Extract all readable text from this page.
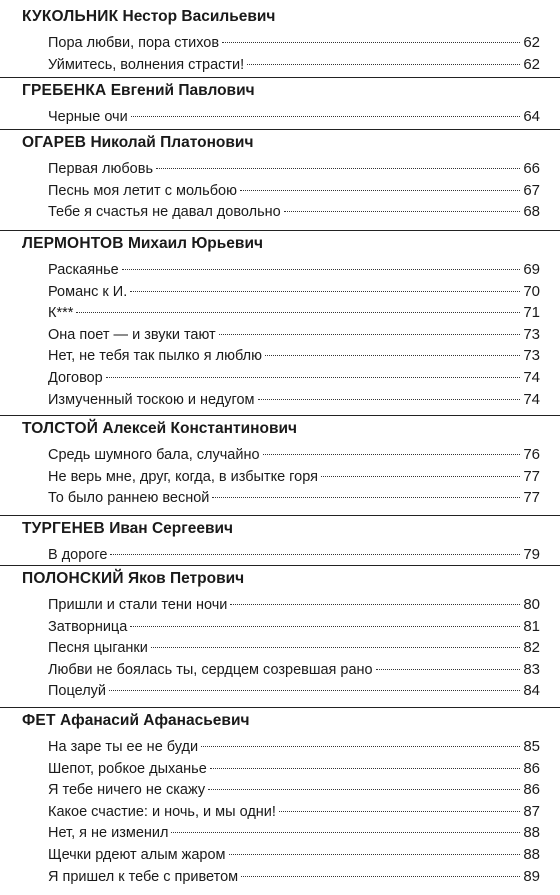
КУКОЛЬНИК Нестор Васильевич
Пора любви, пора стихов	62
Уймитесь, волнения страсти!	62
ГРЕБЕНКА Евгений Павлович
Черные очи	64
ОГАРЕВ Николай Платонович
Первая любовь	66
Песнь моя летит с мольбою	67
Тебе я счастья не давал довольно	68
ЛЕРМОНТОВ Михаил Юрьевич
Раскаянье	69
Романс к И.	70
К***	71
Она поет — и звуки тают	73
Нет, не тебя так пылко я люблю	73
Договор	74
Измученный тоскою и недугом	74
ТОЛСТОЙ Алексей Константинович
Средь шумного бала, случайно	76
Не верь мне, друг, когда, в избытке горя	77
То было раннею весной	77
ТУРГЕНЕВ Иван Сергеевич
В дороге	79
ПОЛОНСКИЙ Яков Петрович
Пришли и стали тени ночи	80
Затворница	81
Песня цыганки	82
Любви не боялась ты, сердцем созревшая рано	83
Поцелуй	84
ФЕТ Афанасий Афанасьевич
На заре ты ее не буди	85
Шепот, робкое дыханье	86
Я тебе ничего не скажу	86
Какое счастие: и ночь, и мы одни!	87
Нет, я не изменил	88
Щечки рдеют алым жаром	88
Я пришел к тебе с приветом	89
